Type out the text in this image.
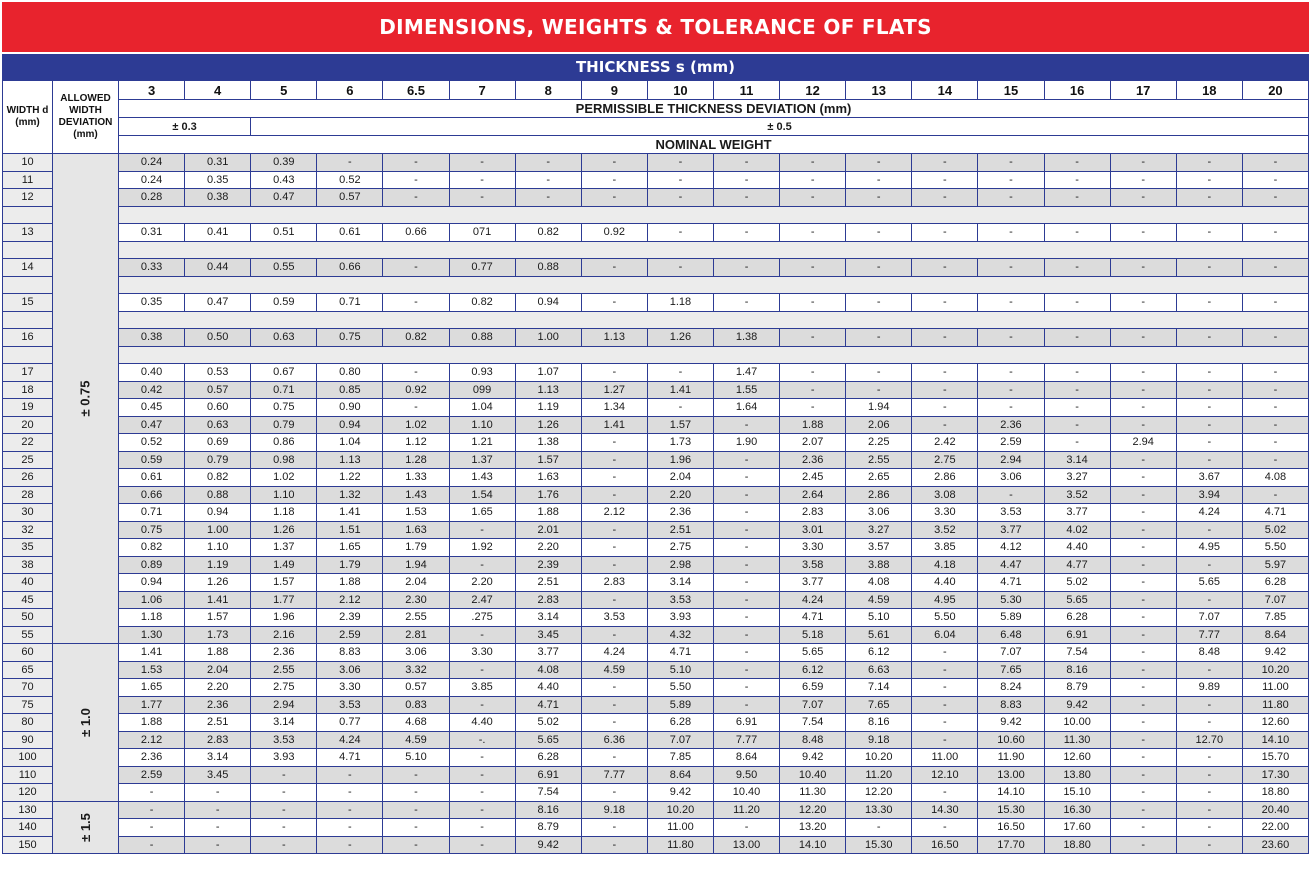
DIMENSIONS, WEIGHTS & TOLERANCE OF FLATS
THICKNESS s (mm)
WIDTH d (mm)	ALLOWED WIDTH DEVIATION (mm)	3	4	5	6	6.5	7	8	9	10	11	12	13	14	15	16	17	18	20
		PERMISSIBLE THICKNESS DEVIATION (mm)																	
		± 0.3		± 0.5															
		NOMINAL WEIGHT																	
10	± 0.75	0.24	0.31	0.39	-	-	-	-	-	-	-	-	-	-	-	-	-	-	-
11		0.24	0.35	0.43	0.52	-	-	-	-	-	-	-	-	-	-	-	-	-	-
12		0.28	0.38	0.47	0.57	-	-	-	-	-	-	-	-	-	-	-	-	-	-

13		0.31	0.41	0.51	0.61	0.66	071	0.82	0.92	-	-	-	-	-	-	-	-	-	-

14		0.33	0.44	0.55	0.66	-	0.77	0.88	-	-	-	-	-	-	-	-	-	-	-

15		0.35	0.47	0.59	0.71	-	0.82	0.94	-	1.18	-	-	-	-	-	-	-	-	-

16		0.38	0.50	0.63	0.75	0.82	0.88	1.00	1.13	1.26	1.38	-	-	-	-	-	-	-	-

17		0.40	0.53	0.67	0.80	-	0.93	1.07	-	-	1.47	-	-	-	-	-	-	-	-
18		0.42	0.57	0.71	0.85	0.92	099	1.13	1.27	1.41	1.55	-	-	-	-	-	-	-	-
19		0.45	0.60	0.75	0.90	-	1.04	1.19	1.34	-	1.64	-	1.94	-	-	-	-	-	-
20		0.47	0.63	0.79	0.94	1.02	1.10	1.26	1.41	1.57	-	1.88	2.06	-	2.36	-	-	-	-
22		0.52	0.69	0.86	1.04	1.12	1.21	1.38	-	1.73	1.90	2.07	2.25	2.42	2.59	-	2.94	-	-
25		0.59	0.79	0.98	1.13	1.28	1.37	1.57	-	1.96	-	2.36	2.55	2.75	2.94	3.14	-	-	-
26		0.61	0.82	1.02	1.22	1.33	1.43	1.63	-	2.04	-	2.45	2.65	2.86	3.06	3.27	-	3.67	4.08
28		0.66	0.88	1.10	1.32	1.43	1.54	1.76	-	2.20	-	2.64	2.86	3.08	-	3.52	-	3.94	-
30		0.71	0.94	1.18	1.41	1.53	1.65	1.88	2.12	2.36	-	2.83	3.06	3.30	3.53	3.77	-	4.24	4.71
32		0.75	1.00	1.26	1.51	1.63	-	2.01	-	2.51	-	3.01	3.27	3.52	3.77	4.02	-	-	5.02
35		0.82	1.10	1.37	1.65	1.79	1.92	2.20	-	2.75	-	3.30	3.57	3.85	4.12	4.40	-	4.95	5.50
38		0.89	1.19	1.49	1.79	1.94	-	2.39	-	2.98	-	3.58	3.88	4.18	4.47	4.77	-	-	5.97
40		0.94	1.26	1.57	1.88	2.04	2.20	2.51	2.83	3.14	-	3.77	4.08	4.40	4.71	5.02	-	5.65	6.28
45		1.06	1.41	1.77	2.12	2.30	2.47	2.83	-	3.53	-	4.24	4.59	4.95	5.30	5.65	-	-	7.07
50		1.18	1.57	1.96	2.39	2.55	.275	3.14	3.53	3.93	-	4.71	5.10	5.50	5.89	6.28	-	7.07	7.85
55		1.30	1.73	2.16	2.59	2.81	-	3.45	-	4.32	-	5.18	5.61	6.04	6.48	6.91	-	7.77	8.64
60	± 1.0	1.41	1.88	2.36	8.83	3.06	3.30	3.77	4.24	4.71	-	5.65	6.12	-	7.07	7.54	-	8.48	9.42
65		1.53	2.04	2.55	3.06	3.32	-	4.08	4.59	5.10	-	6.12	6.63	-	7.65	8.16	-	-	10.20
70		1.65	2.20	2.75	3.30	0.57	3.85	4.40	-	5.50	-	6.59	7.14	-	8.24	8.79	-	9.89	11.00
75		1.77	2.36	2.94	3.53	0.83	-	4.71	-	5.89	-	7.07	7.65	-	8.83	9.42	-	-	11.80
80		1.88	2.51	3.14	0.77	4.68	4.40	5.02	-	6.28	6.91	7.54	8.16	-	9.42	10.00	-	-	12.60
90		2.12	2.83	3.53	4.24	4.59	-.	5.65	6.36	7.07	7.77	8.48	9.18	-	10.60	11.30	-	12.70	14.10
100		2.36	3.14	3.93	4.71	5.10	-	6.28	-	7.85	8.64	9.42	10.20	11.00	11.90	12.60	-	-	15.70
110		2.59	3.45	-	-	-	-	6.91	7.77	8.64	9.50	10.40	11.20	12.10	13.00	13.80	-	-	17.30
120		-	-	-	-	-	-	7.54	-	9.42	10.40	11.30	12.20	-	14.10	15.10	-	-	18.80
130	± 1.5	-	-	-	-	-	-	8.16	9.18	10.20	11.20	12.20	13.30	14.30	15.30	16.30	-	-	20.40
140		-	-	-	-	-	-	8.79	-	11.00	-	13.20	-	-	16.50	17.60	-	-	22.00
150		-	-	-	-	-	-	9.42	-	11.80	13.00	14.10	15.30	16.50	17.70	18.80	-	-	23.60
